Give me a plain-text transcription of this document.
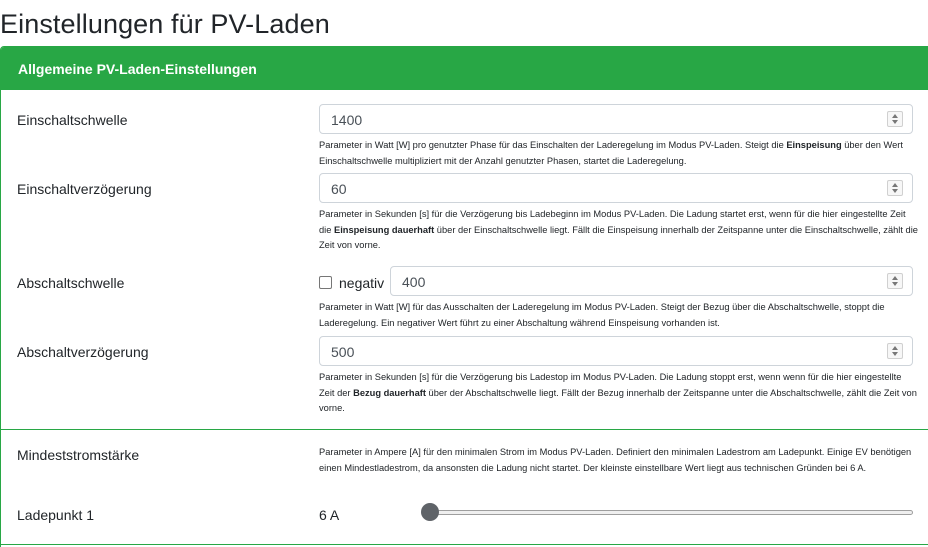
Einstellungen für PV-Laden
Allgemeine PV-Laden-Einstellungen
Einschaltschwelle	1400
Parameter in Watt [W] pro genutzter Phase für das Einschalten der Laderegelung im Modus PV-Laden. Steigt die Einspeisung über den Wert Einschaltschwelle multipliziert mit der Anzahl genutzter Phasen, startet die Laderegelung.
Einschaltverzögerung	60
Parameter in Sekunden [s] für die Verzögerung bis Ladebeginn im Modus PV-Laden. Die Ladung startet erst, wenn für die hier eingestellte Zeit die Einspeisung dauerhaft über der Einschaltschwelle liegt. Fällt die Einspeisung innerhalb der Zeitspanne unter die Einschaltschwelle, zählt die Zeit von vorne.
Abschaltschwelle	negativ	400
Parameter in Watt [W] für das Ausschalten der Laderegelung im Modus PV-Laden. Steigt der Bezug über die Abschaltschwelle, stoppt die Laderegelung. Ein negativer Wert führt zu einer Abschaltung während Einspeisung vorhanden ist.
Abschaltverzögerung	500
Parameter in Sekunden [s] für die Verzögerung bis Ladestop im Modus PV-Laden. Die Ladung stoppt erst, wenn wenn für die hier eingestellte Zeit der Bezug dauerhaft über der Abschaltschwelle liegt. Fällt der Bezug innerhalb der Zeitspanne unter die Abschaltschwelle, zählt die Zeit von vorne.
Mindeststromstärke	Parameter in Ampere [A] für den minimalen Strom im Modus PV-Laden. Definiert den minimalen Ladestrom am Ladepunkt. Einige EV benötigen einen Mindestladestrom, da ansonsten die Ladung nicht startet. Der kleinste einstellbare Wert liegt aus technischen Gründen bei 6 A.
Ladepunkt 1	6 A
